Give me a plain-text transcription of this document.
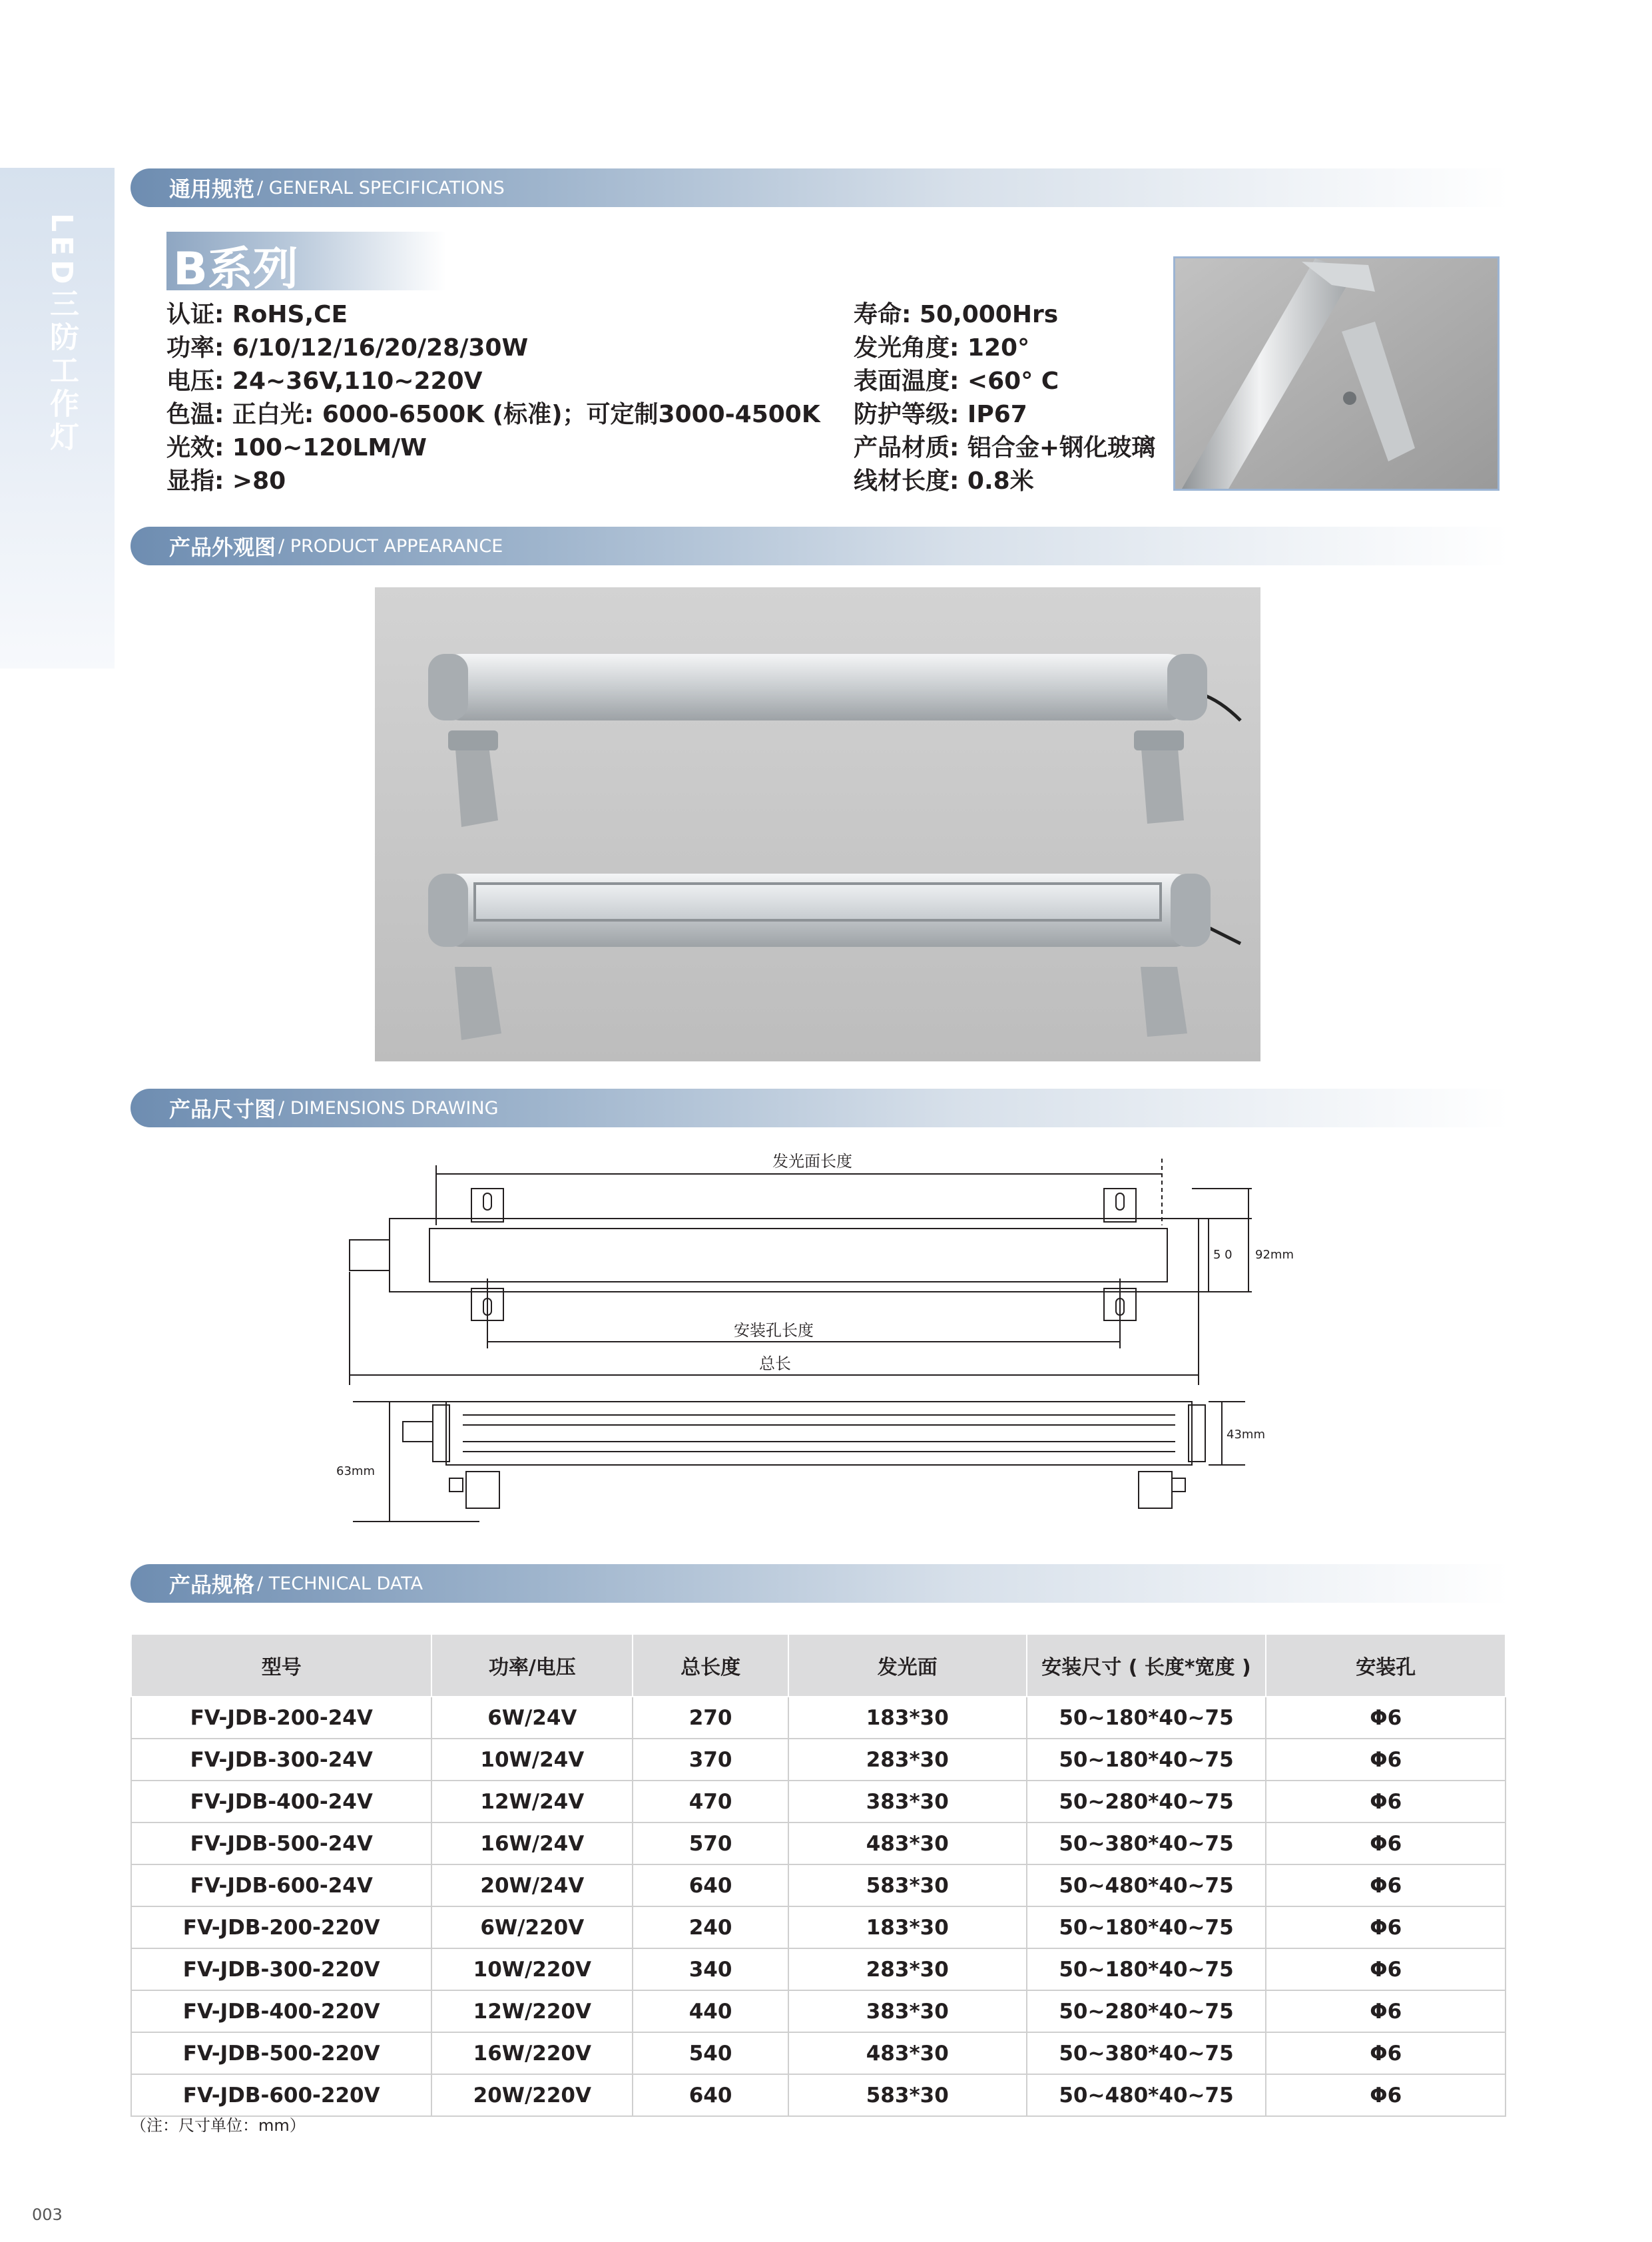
LED三防工作灯
通用规范 / GENERAL SPECIFICATIONS
B系列
认证: RoHS,CE
功率: 6/10/12/16/20/28/30W
电压: 24~36V,110~220V
色温: 正白光: 6000-6500K (标准)；可定制3000-4500K
光效: 100~120LM/W
显指: >80
寿命: 50,000Hrs
发光角度: 120°
表面温度: <60° C
防护等级: IP67
产品材质: 铝合金+钢化玻璃
线材长度: 0.8米
产品外观图 / PRODUCT APPEARANCE
产品尺寸图 / DIMENSIONS DRAWING
发光面长度
安装孔长度
总长
5 0 92mm
63mm
43mm
产品规格 / TECHNICAL DATA
型号	功率/电压	总长度	发光面	安装尺寸 ( 长度*宽度 )	安装孔
FV-JDB-200-24V	6W/24V	270	183*30	50~180*40~75	Φ6
FV-JDB-300-24V	10W/24V	370	283*30	50~180*40~75	Φ6
FV-JDB-400-24V	12W/24V	470	383*30	50~280*40~75	Φ6
FV-JDB-500-24V	16W/24V	570	483*30	50~380*40~75	Φ6
FV-JDB-600-24V	20W/24V	640	583*30	50~480*40~75	Φ6
FV-JDB-200-220V	6W/220V	240	183*30	50~180*40~75	Φ6
FV-JDB-300-220V	10W/220V	340	283*30	50~180*40~75	Φ6
FV-JDB-400-220V	12W/220V	440	383*30	50~280*40~75	Φ6
FV-JDB-500-220V	16W/220V	540	483*30	50~380*40~75	Φ6
FV-JDB-600-220V	20W/220V	640	583*30	50~480*40~75	Φ6
（注：尺寸单位：mm）
003
